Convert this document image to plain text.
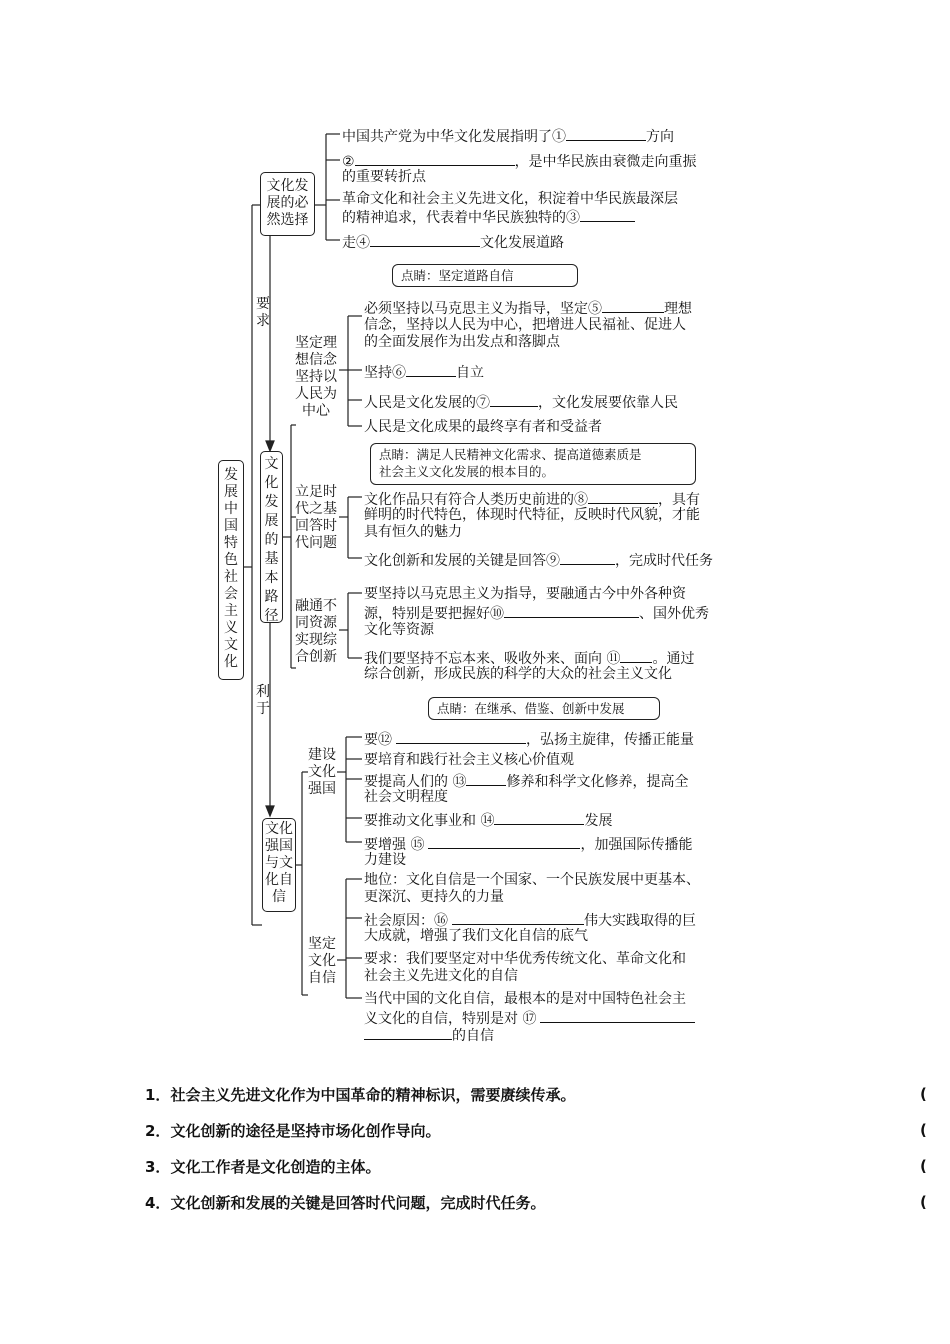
发展中国特色社会主义文化
要求
利于
文化发展的必然选择
中国共产党为中华文化发展指明了①	方向
②	，是中华民族由衰微走向重振
的重要转折点
革命文化和社会主义先进文化，积淀着中华民族最深层
的精神追求，代表着中华民族独特的③
走④	文化发展道路
点睛：坚定道路自信
文化发展的基本路径
坚定理想信念坚持以人民为中心
必须坚持以马克思主义为指导，坚定⑤	理想
信念，坚持以人民为中心，把增进人民福祉、促进人
的全面发展作为出发点和落脚点
坚持⑥	自立
人民是文化发展的⑦	，文化发展要依靠人民
人民是文化成果的最终享有者和受益者
点睛：满足人民精神文化需求、提高道德素质是
社会主义文化发展的根本目的。
立足时代之基回答时代问题
文化作品只有符合人类历史前进的⑧	，具有
鲜明的时代特色，体现时代特征，反映时代风貌，才能
具有恒久的魅力
文化创新和发展的关键是回答⑨	，完成时代任务
融通不同资源实现综合创新
要坚持以马克思主义为指导，要融通古今中外各种资
源，特别是要把握好⑩	、国外优秀
文化等资源
我们要坚持不忘本来、吸收外来、面向 ⑪ 。通过
综合创新，形成民族的科学的大众的社会主义文化
点睛：在继承、借鉴、创新中发展
文化强国与文化自信
建设文化强国
要⑫	，弘扬主旋律，传播正能量
要培育和践行社会主义核心价值观
要提高人们的 ⑬	修养和科学文化修养，提高全
社会文明程度
要推动文化事业和 ⑭	发展
要增强 ⑮	，加强国际传播能
力建设
坚定文化自信
地位：文化自信是一个国家、一个民族发展中更基本、
更深沉、更持久的力量
社会原因：⑯	伟大实践取得的巨
大成就，增强了我们文化自信的底气
要求：我们要坚定对中华优秀传统文化、革命文化和
社会主义先进文化的自信
当代中国的文化自信，最根本的是对中国特色社会主
义文化的自信，特别是对 ⑰
的自信
1．社会主义先进文化作为中国革命的精神标识，需要赓续传承。	(
2．文化创新的途径是坚持市场化创作导向。	(
3．文化工作者是文化创造的主体。	(
4．文化创新和发展的关键是回答时代问题，完成时代任务。	(
